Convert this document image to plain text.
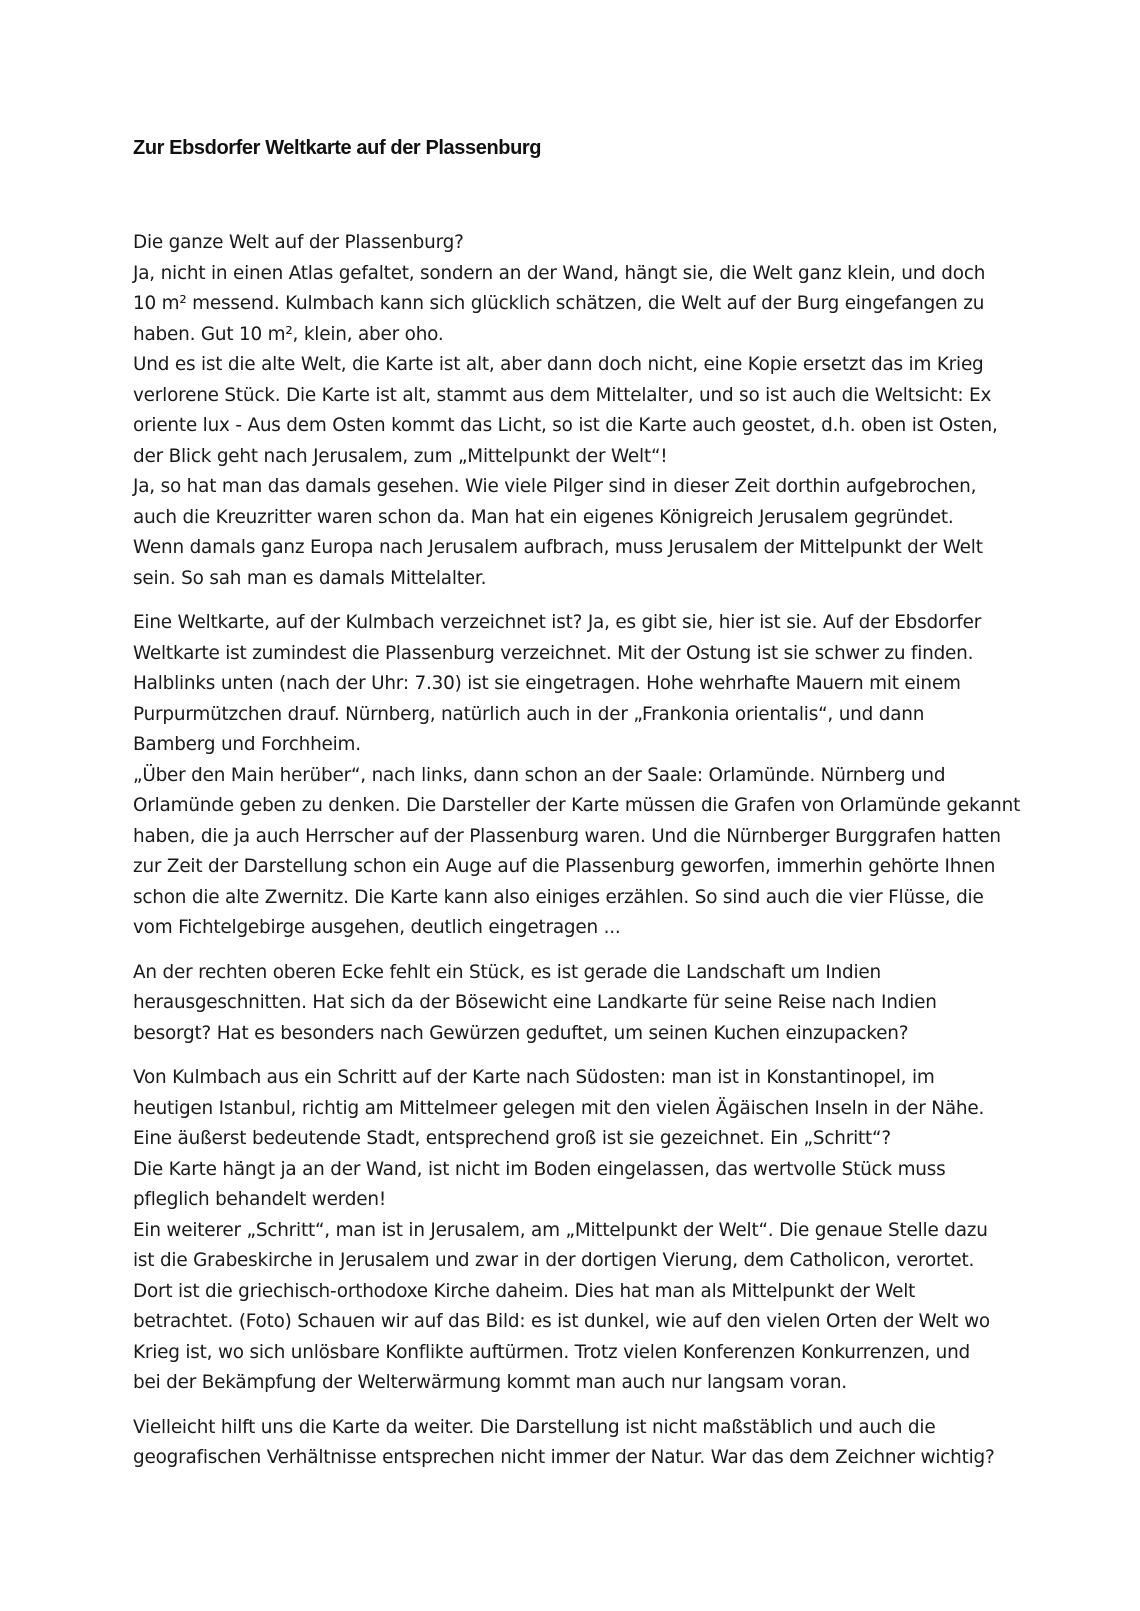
Zur Ebsdorfer Weltkarte auf der Plassenburg

Die ganze Welt auf der Plassenburg?
Ja, nicht in einen Atlas gefaltet, sondern an der Wand, hängt sie, die Welt ganz klein, und doch
10 m² messend. Kulmbach kann sich glücklich schätzen, die Welt auf der Burg eingefangen zu
haben. Gut 10 m², klein, aber oho.
Und es ist die alte Welt, die Karte ist alt, aber dann doch nicht, eine Kopie ersetzt das im Krieg
verlorene Stück. Die Karte ist alt, stammt aus dem Mittelalter, und so ist auch die Weltsicht: Ex
oriente lux - Aus dem Osten kommt das Licht, so ist die Karte auch geostet, d.h. oben ist Osten,
der Blick geht nach Jerusalem, zum „Mittelpunkt der Welt“!
Ja, so hat man das damals gesehen. Wie viele Pilger sind in dieser Zeit dorthin aufgebrochen,
auch die Kreuzritter waren schon da. Man hat ein eigenes Königreich Jerusalem gegründet.
Wenn damals ganz Europa nach Jerusalem aufbrach, muss Jerusalem der Mittelpunkt der Welt
sein. So sah man es damals Mittelalter.

Eine Weltkarte, auf der Kulmbach verzeichnet ist? Ja, es gibt sie, hier ist sie. Auf der Ebsdorfer
Weltkarte ist zumindest die Plassenburg verzeichnet. Mit der Ostung ist sie schwer zu finden.
Halblinks unten (nach der Uhr: 7.30) ist sie eingetragen. Hohe wehrhafte Mauern mit einem
Purpurmützchen drauf. Nürnberg, natürlich auch in der „Frankonia orientalis“, und dann
Bamberg und Forchheim.
„Über den Main herüber“, nach links, dann schon an der Saale: Orlamünde. Nürnberg und
Orlamünde geben zu denken. Die Darsteller der Karte müssen die Grafen von Orlamünde gekannt
haben, die ja auch Herrscher auf der Plassenburg waren. Und die Nürnberger Burggrafen hatten
zur Zeit der Darstellung schon ein Auge auf die Plassenburg geworfen, immerhin gehörte Ihnen
schon die alte Zwernitz. Die Karte kann also einiges erzählen. So sind auch die vier Flüsse, die
vom Fichtelgebirge ausgehen, deutlich eingetragen ...

An der rechten oberen Ecke fehlt ein Stück, es ist gerade die Landschaft um Indien
herausgeschnitten. Hat sich da der Bösewicht eine Landkarte für seine Reise nach Indien
besorgt? Hat es besonders nach Gewürzen geduftet, um seinen Kuchen einzupacken?

Von Kulmbach aus ein Schritt auf der Karte nach Südosten: man ist in Konstantinopel, im
heutigen Istanbul, richtig am Mittelmeer gelegen mit den vielen Ägäischen Inseln in der Nähe.
Eine äußerst bedeutende Stadt, entsprechend groß ist sie gezeichnet. Ein „Schritt“?
Die Karte hängt ja an der Wand, ist nicht im Boden eingelassen, das wertvolle Stück muss
pfleglich behandelt werden!
Ein weiterer „Schritt“, man ist in Jerusalem, am „Mittelpunkt der Welt“. Die genaue Stelle dazu
ist die Grabeskirche in Jerusalem und zwar in der dortigen Vierung, dem Catholicon, verortet.
Dort ist die griechisch-orthodoxe Kirche daheim. Dies hat man als Mittelpunkt der Welt
betrachtet. (Foto) Schauen wir auf das Bild: es ist dunkel, wie auf den vielen Orten der Welt wo
Krieg ist, wo sich unlösbare Konflikte auftürmen. Trotz vielen Konferenzen Konkurrenzen, und
bei der Bekämpfung der Welterwärmung kommt man auch nur langsam voran.

Vielleicht hilft uns die Karte da weiter. Die Darstellung ist nicht maßstäblich und auch die
geografischen Verhältnisse entsprechen nicht immer der Natur. War das dem Zeichner wichtig?
